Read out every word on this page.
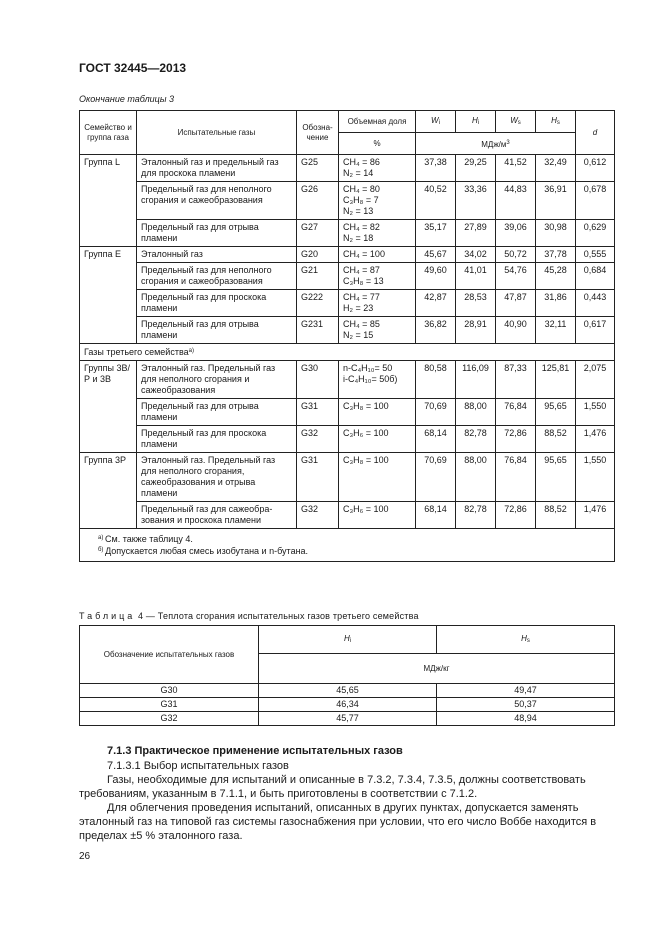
ГОСТ 32445—2013
Окончание таблицы 3
Семейство и группа газа	Испытательные газы	Обозна-чение	Объемная доля	Wi	Hi	Ws	Hs	d
			%	МДж/$м^3$
Группа L	Эталонный газ и предельный газ для проскока пламени	G25	CH₄ = 86
N₂ = 14	37,38	29,25	41,52	32,49	0,612
	Предельный газ для неполного сгорания и сажеобразования	G26	CH₄ = 80
C₃H₈ = 7
N₂ = 13	40,52	33,36	44,83	36,91	0,678
	Предельный газ для отрыва пламени	G27	CH₄ = 82
N₂ = 18	35,17	27,89	39,06	30,98	0,629
Группа E	Эталонный газ	G20	CH₄ = 100	45,67	34,02	50,72	37,78	0,555
	Предельный газ для неполного сгорания и сажеобразования	G21	CH₄ = 87
C₃H₈ = 13	49,60	41,01	54,76	45,28	0,684
	Предельный газ для проскока пламени	G222	CH₄ = 77
H₂ = 23	42,87	28,53	47,87	31,86	0,443
	Предельный газ для отрыва пламени	G231	CH₄ = 85
N₂ = 15	36,82	28,91	40,90	32,11	0,617
Газы третьего семейства$^{а)}$
Группы 3В/Р и 3В	Эталонный газ. Предельный газ для неполного сгорания и сажеобразования	G30	n-C₄H₁₀= 50
i-C₄H₁₀= 50б)	80,58	116,09	87,33	125,81	2,075
	Предельный газ для отрыва пламени	G31	C₃H₈ = 100	70,69	88,00	76,84	95,65	1,550
	Предельный газ для проскока пламени	G32	C₃H₆ = 100	68,14	82,78	72,86	88,52	1,476
Группа 3Р	Эталонный газ. Предельный газ для неполного сгорания, сажеобразования и отрыва пламени	G31	C₃H₈ = 100	70,69	88,00	76,84	95,65	1,550
	Предельный газ для сажеобра-зования и проскока пламени	G32	C₃H₆ = 100	68,14	82,78	72,86	88,52	1,476

$^{а)}$ См. также таблицу 4.
$^{б)}$ Допускается любая смесь изобутана и n-бутана.								
Таблица 4 — Теплота сгорания испытательных газов третьего семейства
Обозначение испытательных газов	Hi	Hs
	МДж/кг	
G30	45,65	49,47
G31	46,34	50,37
G32	45,77	48,94
7.1.3 Практическое применение испытательных газов
7.1.3.1 Выбор испытательных газов
Газы, необходимые для испытаний и описанные в 7.3.2, 7.3.4, 7.3.5, должны соответствовать требованиям, указанным в 7.1.1, и быть приготовлены в соответствии с 7.1.2.
Для облегчения проведения испытаний, описанных в других пунктах, допускается заменять эталонный газ на типовой газ системы газоснабжения при условии, что его число Воббе находится в пределах ±5 % эталонного газа.
26
